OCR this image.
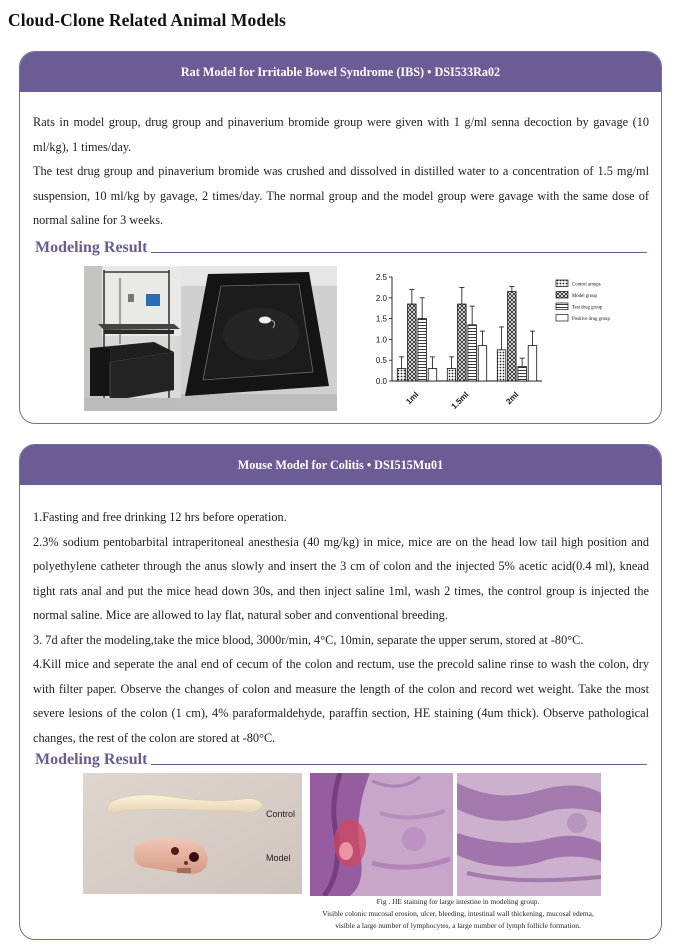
Cloud-Clone Related Animal Models
Rat Model for Irritable Bowel Syndrome (IBS) • DSI533Ra02

Rats in model group, drug group and pinaverium bromide group were given with 1 g/ml senna decoction by gavage (10 ml/kg), 1 times/day.

The test drug group and pinaverium bromide was crushed and dissolved in distilled water to a concentration of 1.5 mg/ml suspension, 10 ml/kg by gavage, 2 times/day. The normal group and the model group were gavage with the same dose of normal saline for 3 weeks.

Modeling Result
0.0
0.5
1.0
1.5
2.0
2.5
1ml	1.5ml	2ml
Control aroups
Model group
Test drug group
Positive drug group
Mouse Model for Colitis • DSI515Mu01

1.Fasting and free drinking 12 hrs before operation.

2.3% sodium pentobarbital intraperitoneal anesthesia (40 mg/kg) in mice, mice are on the head low tail high position and polyethylene catheter through the anus slowly and insert the 3 cm of colon and the injected 5% acetic acid(0.4 ml), knead tight rats anal and put the mice head down 30s, and then inject saline 1ml, wash 2 times, the control group is injected the normal saline. Mice are allowed to lay flat, natural sober and conventional breeding.

3. 7d after the modeling,take the mice blood, 3000r/min, 4°C, 10min, separate the upper serum, stored at -80°C.

4.Kill mice and seperate the anal end of cecum of the colon and rectum, use the precold saline rinse to wash the colon, dry with filter paper. Observe the changes of colon and measure the length of the colon and record wet weight. Take the most severe lesions of the colon (1 cm), 4% paraformaldehyde, paraffin section, HE staining (4um thick). Observe pathological changes, the rest of the colon are stored at -80°C.

Modeling Result
Control
Model
Fig . HE staining for large intestine in modeling group.
Visible colonic mucosal erosion, ulcer, bleeding, intestinal wall thickening, mucosal edema,
visible a large number of lymphocytes, a large number of lymph follicle formation.
